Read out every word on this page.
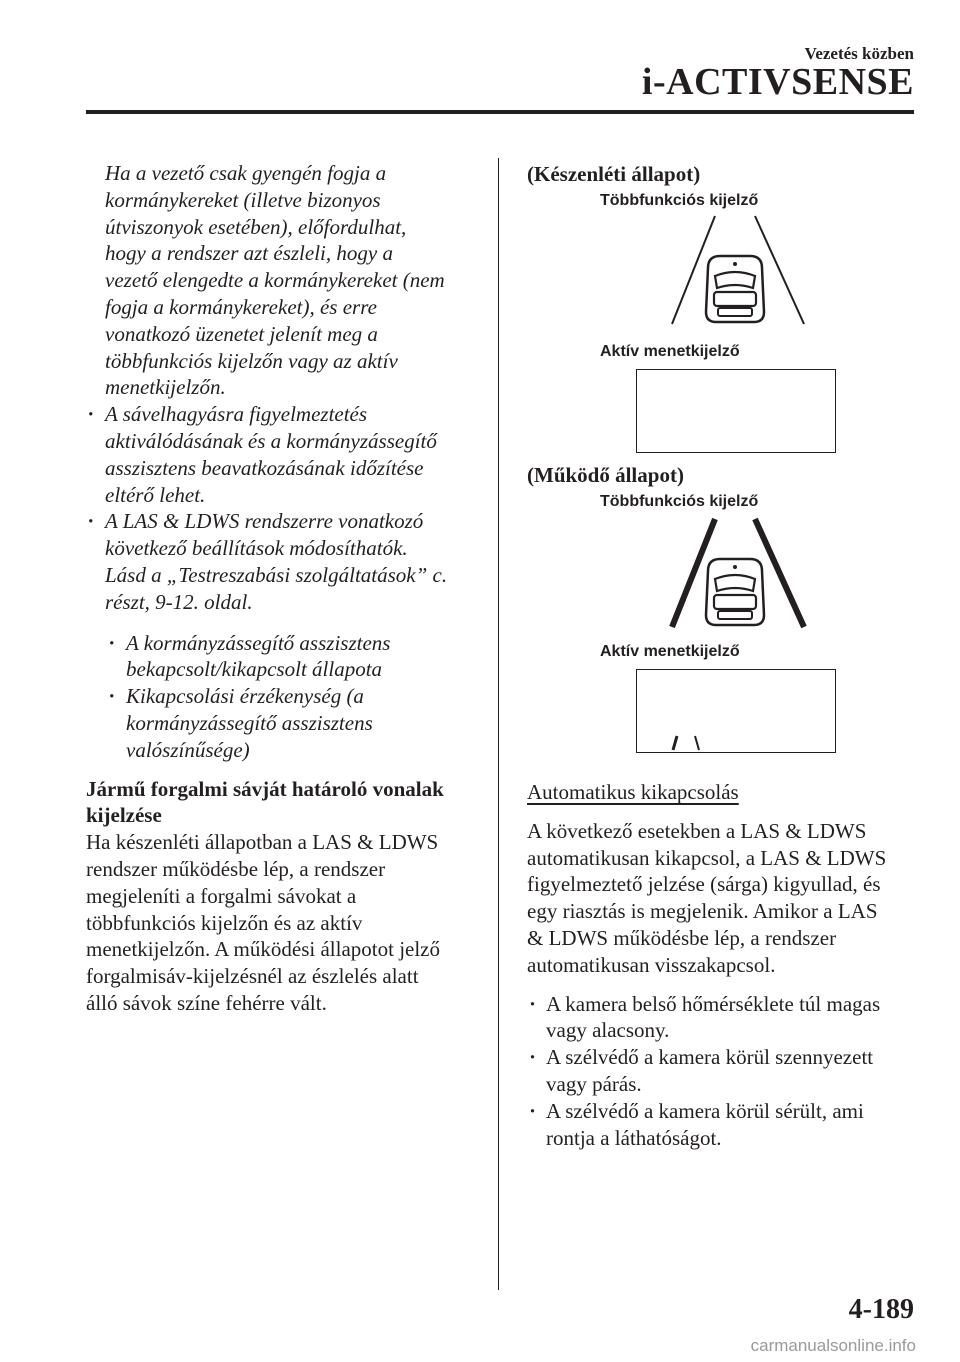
Vezetés közben
i-ACTIVSENSE
Ha a vezető csak gyengén fogja a
kormánykereket (illetve bizonyos
útviszonyok esetében), előfordulhat,
hogy a rendszer azt észleli, hogy a
vezető elengedte a kormánykereket (nem
fogja a kormánykereket), és erre
vonatkozó üzenetet jelenít meg a
többfunkciós kijelzőn vagy az aktív
menetkijelzőn.
· A sávelhagyásra figyelmeztetés
aktiválódásának és a kormányzássegítő
asszisztens beavatkozásának időzítése
eltérő lehet.
· A LAS & LDWS rendszerre vonatkozó
következő beállítások módosíthatók.
Lásd a „Testreszabási szolgáltatások” c.
részt, 9-12. oldal.
· A kormányzássegítő asszisztens
bekapcsolt/kikapcsolt állapota
· Kikapcsolási érzékenység (a
kormányzássegítő asszisztens
valószínűsége)
Jármű forgalmi sávját határoló vonalak
kijelzése
Ha készenléti állapotban a LAS & LDWS
rendszer működésbe lép, a rendszer
megjeleníti a forgalmi sávokat a
többfunkciós kijelzőn és az aktív
menetkijelzőn. A működési állapotot jelző
forgalmisáv-kijelzésnél az észlelés alatt
álló sávok színe fehérre vált.
(Készenléti állapot)
Többfunkciós kijelző
Aktív menetkijelző
(Működő állapot)
Többfunkciós kijelző
Aktív menetkijelző
Automatikus kikapcsolás
A következő esetekben a LAS & LDWS
automatikusan kikapcsol, a LAS & LDWS
figyelmeztető jelzése (sárga) kigyullad, és
egy riasztás is megjelenik. Amikor a LAS
& LDWS működésbe lép, a rendszer
automatikusan visszakapcsol.
· A kamera belső hőmérséklete túl magas
vagy alacsony.
· A szélvédő a kamera körül szennyezett
vagy párás.
· A szélvédő a kamera körül sérült, ami
rontja a láthatóságot.
4-189
carmanualsonline.info
